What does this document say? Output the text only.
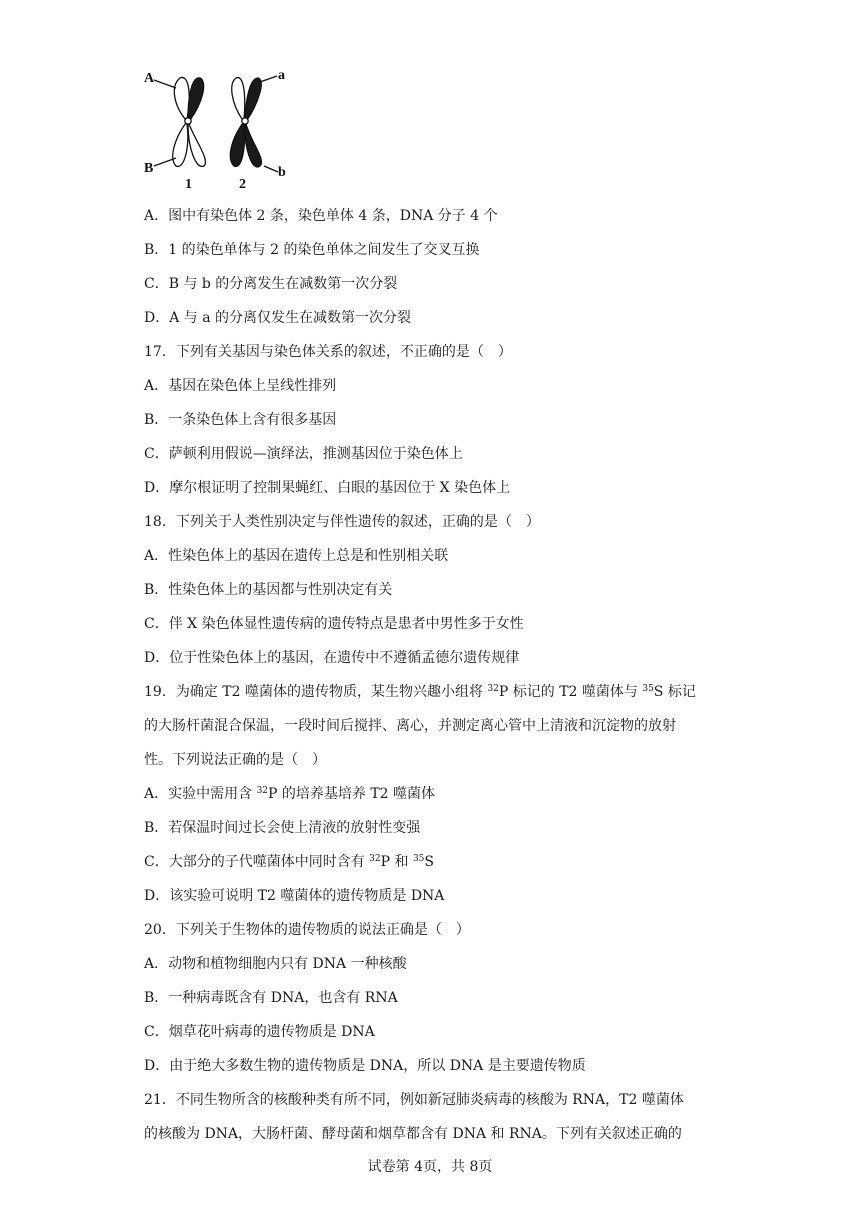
A
B
a
b
1	2
A．图中有染色体 2 条，染色单体 4 条，DNA 分子 4 个
B．1 的染色单体与 2 的染色单体之间发生了交叉互换
C．B 与 b 的分离发生在减数第一次分裂
D．A 与 a 的分离仅发生在减数第一次分裂
17．下列有关基因与染色体关系的叙述，不正确的是（　）
A．基因在染色体上呈线性排列
B．一条染色体上含有很多基因
C．萨顿利用假说—演绎法，推测基因位于染色体上
D．摩尔根证明了控制果蝇红、白眼的基因位于 X 染色体上
18．下列关于人类性别决定与伴性遗传的叙述，正确的是（　）
A．性染色体上的基因在遗传上总是和性别相关联
B．性染色体上的基因都与性别决定有关
C．伴 X 染色体显性遗传病的遗传特点是患者中男性多于女性
D．位于性染色体上的基因，在遗传中不遵循孟德尔遗传规律
19．为确定 T2 噬菌体的遗传物质，某生物兴趣小组将 $^{32}$P 标记的 T2 噬菌体与 $^{35}$S 标记
的大肠杆菌混合保温，一段时间后搅拌、离心，并测定离心管中上清液和沉淀物的放射
性。下列说法正确的是（　）
A．实验中需用含 $^{32}$P 的培养基培养 T2 噬菌体
B．若保温时间过长会使上清液的放射性变强
C．大部分的子代噬菌体中同时含有 $^{32}$P 和 $^{35}$S
D．该实验可说明 T2 噬菌体的遗传物质是 DNA
20．下列关于生物体的遗传物质的说法正确是（　）
A．动物和植物细胞内只有 DNA 一种核酸
B．一种病毒既含有 DNA，也含有 RNA
C．烟草花叶病毒的遗传物质是 DNA
D．由于绝大多数生物的遗传物质是 DNA，所以 DNA 是主要遗传物质
21．不同生物所含的核酸种类有所不同，例如新冠肺炎病毒的核酸为 RNA，T2 噬菌体
的核酸为 DNA，大肠杆菌、酵母菌和烟草都含有 DNA 和 RNA。下列有关叙述正确的
试卷第 4页，共 8页
